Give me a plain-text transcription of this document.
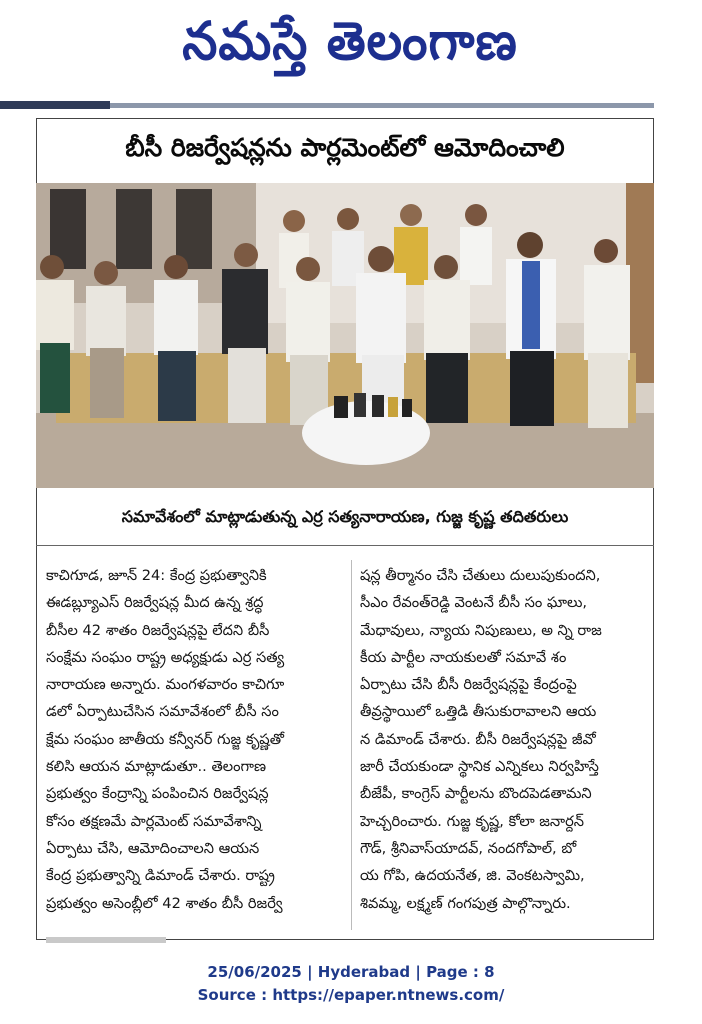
నమస్తే తెలంగాణ
బీసీ రిజర్వేషన్లను పార్లమెంట్‌లో ఆమోదించాలి
సమావేశంలో మాట్లాడుతున్న ఎర్ర సత్యనారాయణ, గుజ్జ కృష్ణ తదితరులు
కాచిగూడ, జూన్ 24: కేంద్ర ప్రభుత్వానికి
ఈడబ్ల్యూఎస్ రిజర్వేషన్ల మీద ఉన్న శ్రద్ధ
బీసీల 42 శాతం రిజర్వేషన్లపై లేదని బీసీ
సంక్షేమ సంఘం రాష్ట్ర అధ్యక్షుడు ఎర్ర సత్య
నారాయణ అన్నారు. మంగళవారం కాచిగూ
డలో ఏర్పాటుచేసిన సమావేశంలో బీసీ సం
క్షేమ సంఘం జాతీయ కన్వీనర్ గుజ్జ కృష్ణతో
కలిసి ఆయన మాట్లాడుతూ.. తెలంగాణ
ప్రభుత్వం కేంద్రాన్ని పంపించిన రిజర్వేషన్ల
కోసం తక్షణమే పార్లమెంట్ సమావేశాన్ని
ఏర్పాటు చేసి, ఆమోదించాలని ఆయన
కేంద్ర ప్రభుత్వాన్ని డిమాండ్ చేశారు. రాష్ట్ర
ప్రభుత్వం అసెంబ్లీలో 42 శాతం బీసీ రిజర్వే
షన్ల తీర్మానం చేసి చేతులు దులుపుకుందని,
సీఎం రేవంత్‌రెడ్డి వెంటనే బీసీ సం ఘాలు,
మేధావులు, న్యాయ నిపుణులు, అ న్ని రాజ
కీయ పార్టీల నాయకులతో సమావే శం
ఏర్పాటు చేసి బీసీ రిజర్వేషన్లపై కేంద్రంపై
తీవ్రస్థాయిలో ఒత్తిడి తీసుకురావాలని ఆయ
న డిమాండ్ చేశారు. బీసీ రిజర్వేషన్లపై జీవో
జారీ చేయకుండా స్థానిక ఎన్నికలు నిర్వహిస్తే
బీజేపీ, కాంగ్రెస్ పార్టీలను బొందపెడతామని
హెచ్చరించారు. గుజ్జ కృష్ణ, కోలా జనార్దన్
గౌడ్, శ్రీనివాస్‌యాదవ్, నందగోపాల్, బో
య గోపి, ఉదయనేత, జి. వెంకటస్వామి,
శివమ్మ, లక్ష్మణ్ గంగపుత్ర పాల్గొన్నారు.
25/06/2025 | Hyderabad | Page : 8
Source : https://epaper.ntnews.com/
